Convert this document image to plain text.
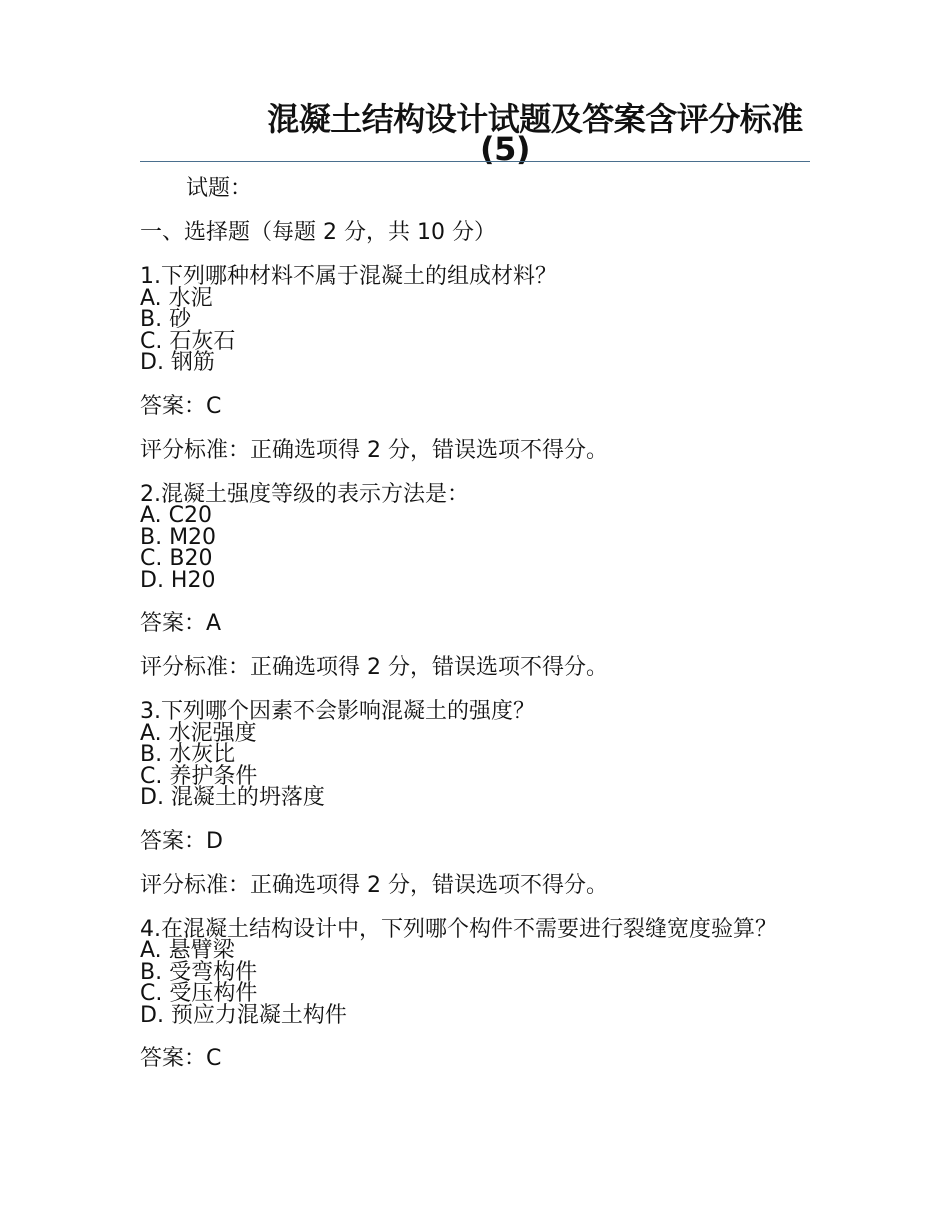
混凝土结构设计试题及答案含评分标准
(5)
试题：
一、选择题（每题 2 分，共 10 分）
1.下列哪种材料不属于混凝土的组成材料？
A. 水泥
B. 砂
C. 石灰石
D. 钢筋
答案：C
评分标准：正确选项得 2 分，错误选项不得分。
2.混凝土强度等级的表示方法是：
A. C20
B. M20
C. B20
D. H20
答案：A
评分标准：正确选项得 2 分，错误选项不得分。
3.下列哪个因素不会影响混凝土的强度？
A. 水泥强度
B. 水灰比
C. 养护条件
D. 混凝土的坍落度
答案：D
评分标准：正确选项得 2 分，错误选项不得分。
4.在混凝土结构设计中，下列哪个构件不需要进行裂缝宽度验算？
A. 悬臂梁
B. 受弯构件
C. 受压构件
D. 预应力混凝土构件
答案：C
